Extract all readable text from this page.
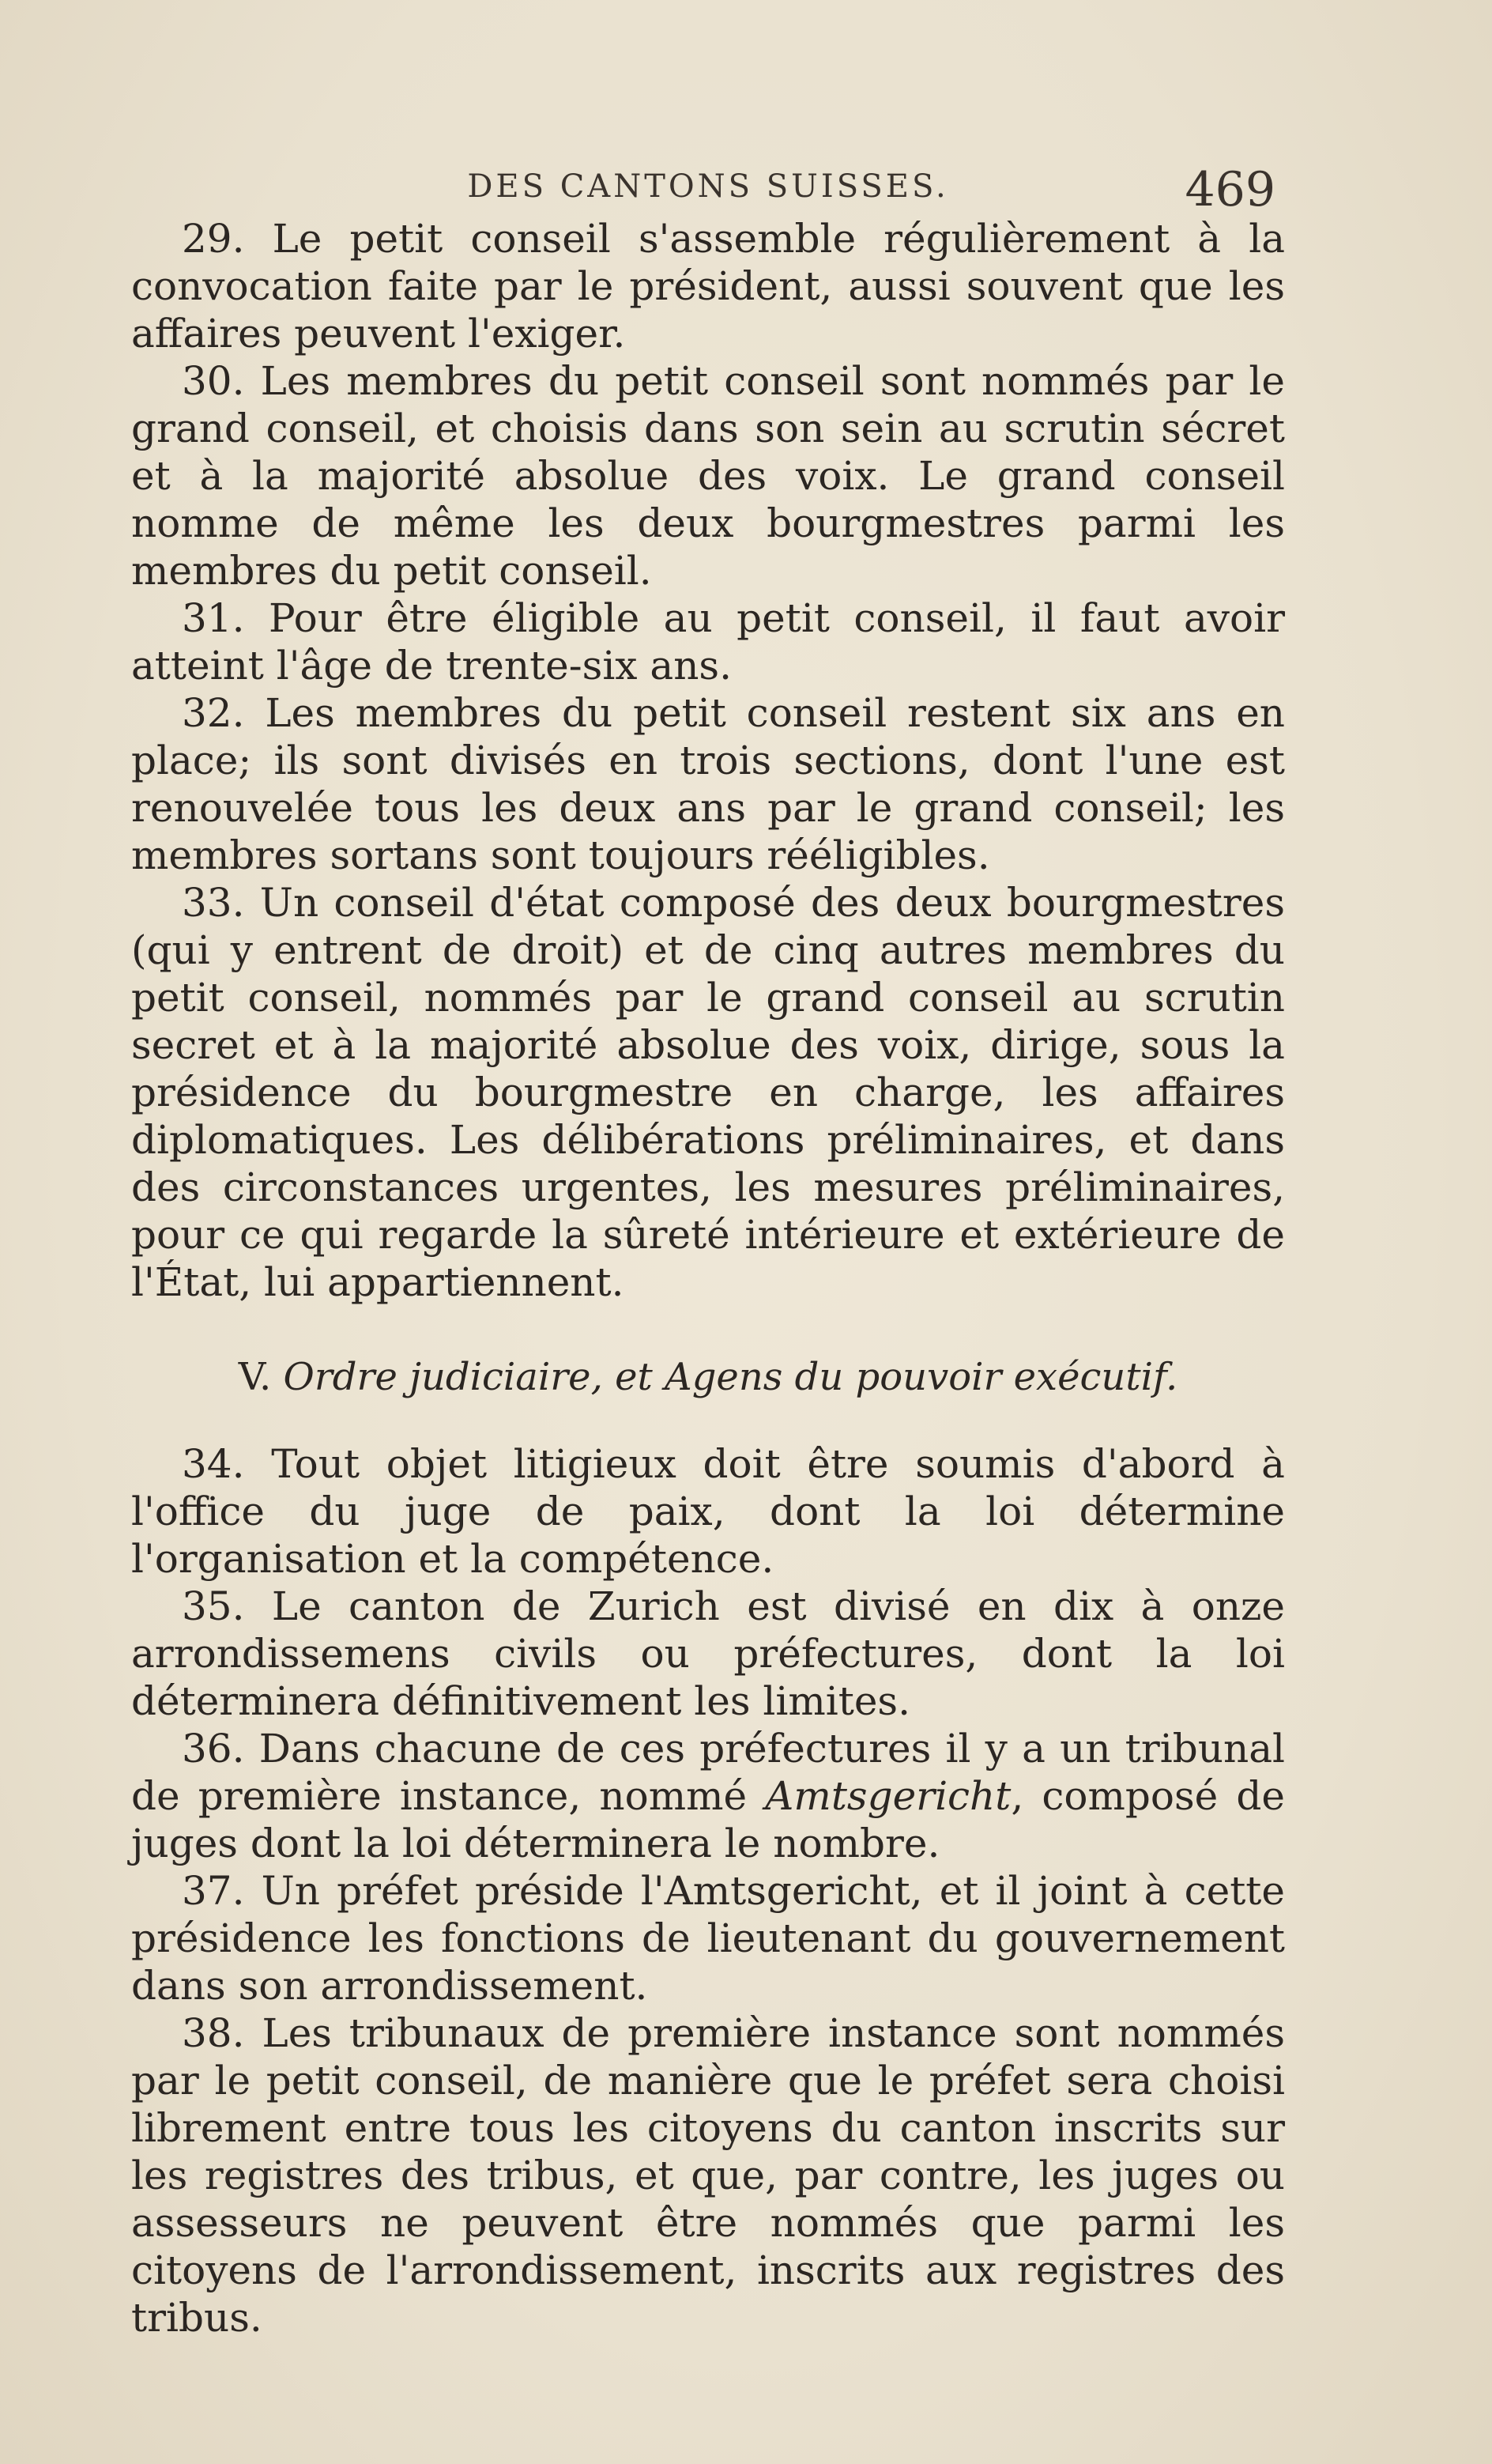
DES CANTONS SUISSES.	469

29. Le petit conseil s'assemble régulièrement à la convocation faite par le président, aussi souvent que les affaires peuvent l'exiger.

30. Les membres du petit conseil sont nommés par le grand conseil, et choisis dans son sein au scrutin sécret et à la majorité absolue des voix. Le grand conseil nomme de même les deux bourgmestres parmi les membres du petit conseil.

31. Pour être éligible au petit conseil, il faut avoir atteint l'âge de trente-six ans.

32. Les membres du petit conseil restent six ans en place; ils sont divisés en trois sections, dont l'une est renouvelée tous les deux ans par le grand conseil; les membres sortans sont toujours rééligibles.

33. Un conseil d'état composé des deux bourgmestres (qui y entrent de droit) et de cinq autres membres du petit conseil, nommés par le grand conseil au scrutin secret et à la majorité absolue des voix, dirige, sous la présidence du bourgmestre en charge, les affaires diplomatiques. Les délibérations préliminaires, et dans des circonstances urgentes, les mesures préliminaires, pour ce qui regarde la sûreté intérieure et extérieure de l'État, lui appartiennent.

V. Ordre judiciaire, et Agens du pouvoir exécutif.

34. Tout objet litigieux doit être soumis d'abord à l'office du juge de paix, dont la loi détermine l'organisation et la compétence.

35. Le canton de Zurich est divisé en dix à onze arrondissemens civils ou préfectures, dont la loi déterminera définitivement les limites.

36. Dans chacune de ces préfectures il y a un tribunal de première instance, nommé Amtsgericht, composé de juges dont la loi déterminera le nombre.

37. Un préfet préside l'Amtsgericht, et il joint à cette présidence les fonctions de lieutenant du gouvernement dans son arrondissement.

38. Les tribunaux de première instance sont nommés par le petit conseil, de manière que le préfet sera choisi librement entre tous les citoyens du canton inscrits sur les registres des tribus, et que, par contre, les juges ou assesseurs ne peuvent être nommés que parmi les citoyens de l'arrondissement, inscrits aux registres des tribus.
